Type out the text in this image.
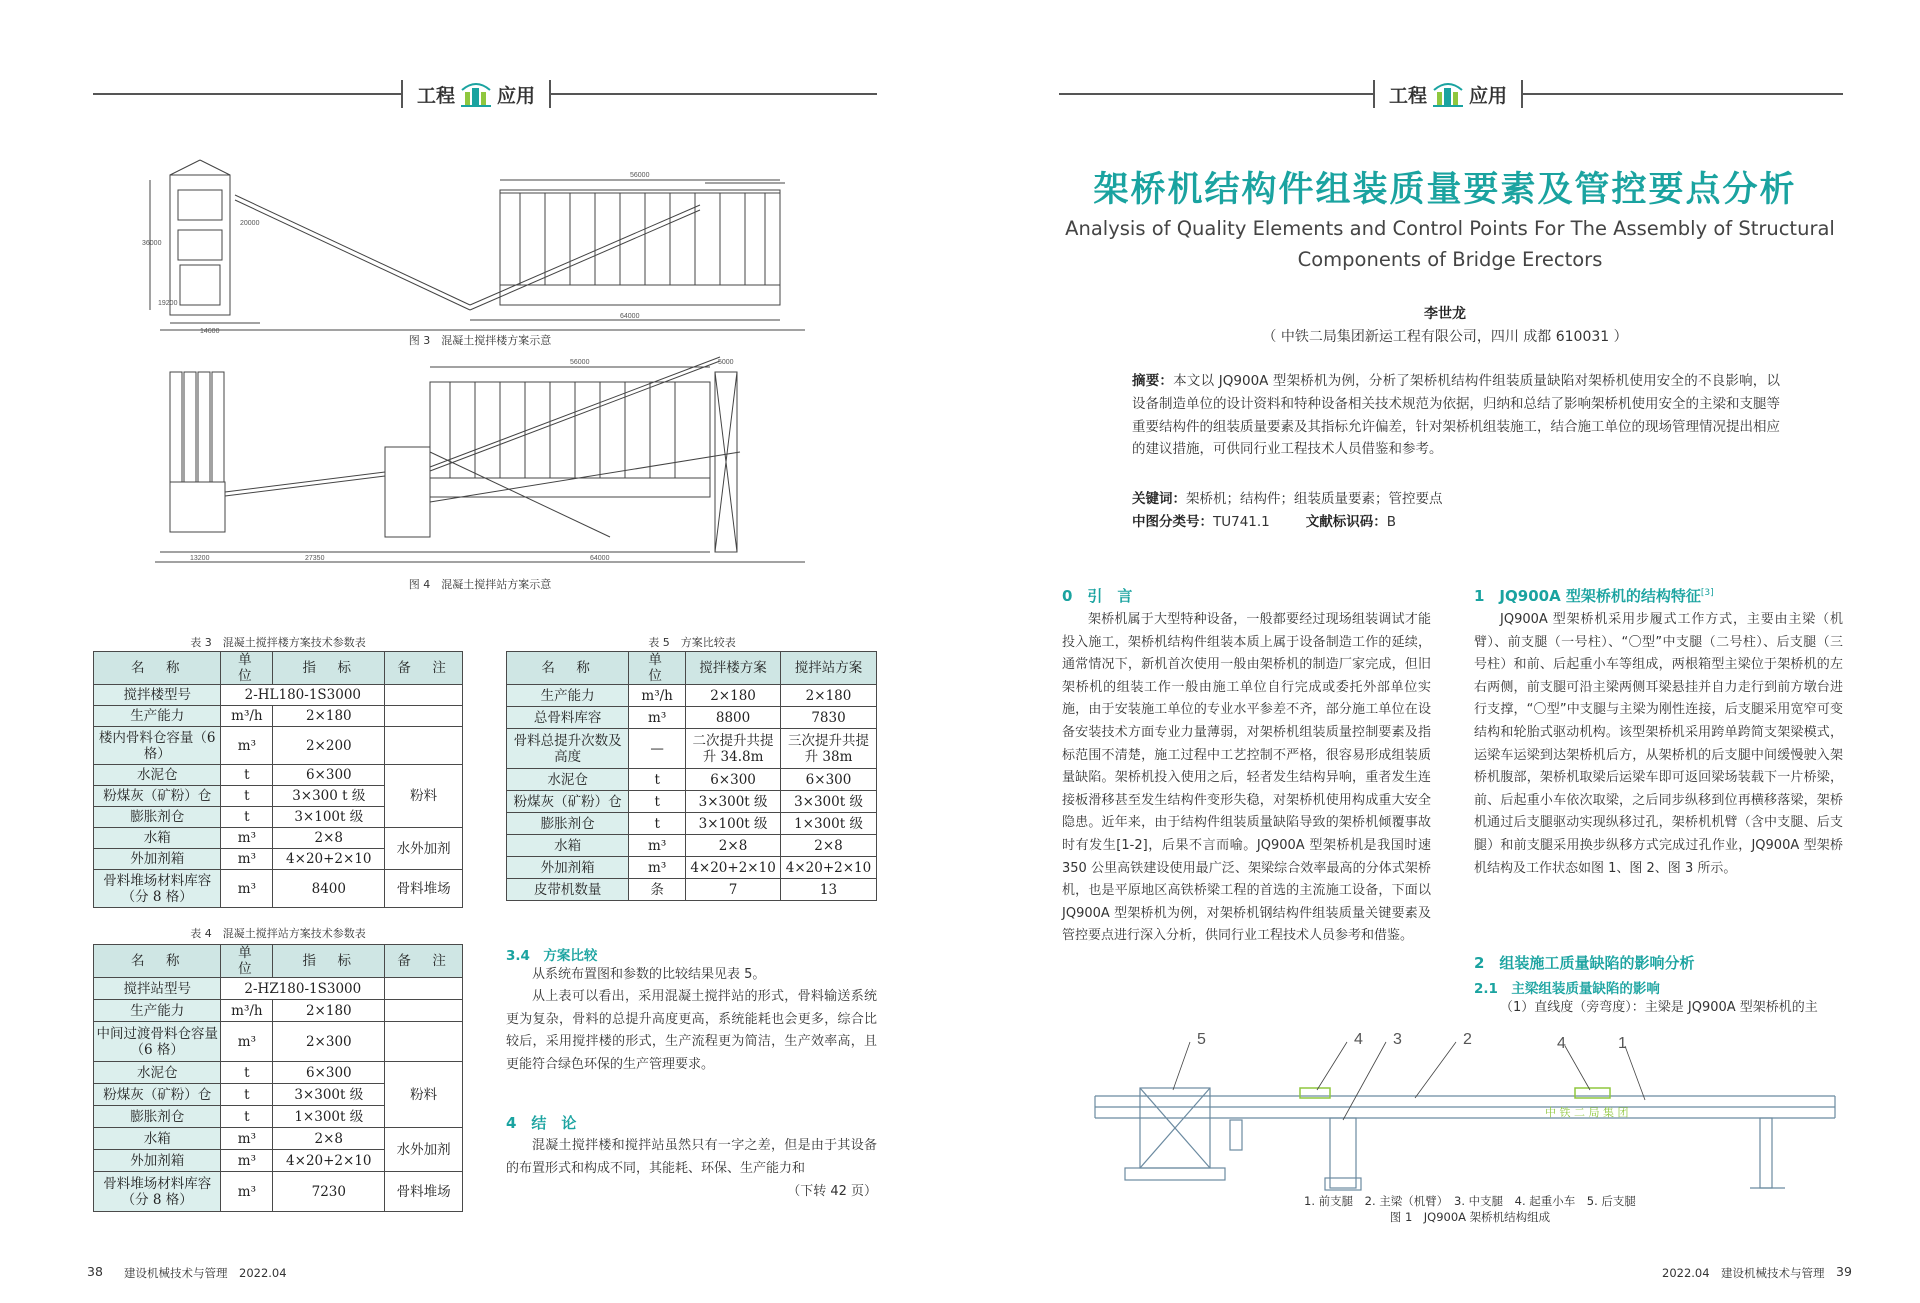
工程 应用	工程 应用
56000
64000
14600
36000
20000
19200
图 3　混凝土搅拌楼方案示意
56000	5000
64000
13200	27350
图 4　混凝土搅拌站方案示意
表 3　混凝土搅拌楼方案技术参数表
名　称	单　位	指　标	备　注
搅拌楼型号	2-HL180-1S3000		
生产能力	m³/h	2×180	
楼内骨料仓容量（6 格）	m³	2×200	
水泥仓	t	6×300	粉料
粉煤灰（矿粉）仓	t	3×300 t 级	
膨胀剂仓	t	3×100t 级	
水箱	m³	2×8	水外加剂
外加剂箱	m³	4×20+2×10	
骨料堆场材料库容（分 8 格）	m³	8400	骨料堆场
表 4　混凝土搅拌站方案技术参数表
名　称	单　位	指　标	备　注
搅拌站型号	2-HZ180-1S3000		
生产能力	m³/h	2×180	
中间过渡骨料仓容量（6 格）	m³	2×300	
水泥仓	t	6×300	粉料
粉煤灰（矿粉）仓	t	3×300t 级	
膨胀剂仓	t	1×300t 级	
水箱	m³	2×8	水外加剂
外加剂箱	m³	4×20+2×10	
骨料堆场材料库容（分 8 格）	m³	7230	骨料堆场
表 5　方案比较表
名　称	单　位	搅拌楼方案	搅拌站方案
生产能力	m³/h	2×180	2×180
总骨料库容	m³	8800	7830
骨料总提升次数及高度	—	二次提升共提升 34.8m	三次提升共提升 38m
水泥仓	t	6×300	6×300
粉煤灰（矿粉）仓	t	3×300t 级	3×300t 级
膨胀剂仓	t	3×100t 级	1×300t 级
水箱	m³	2×8	2×8
外加剂箱	m³	4×20+2×10	4×20+2×10
皮带机数量	条	7	13
3.4　方案比较
从系统布置图和参数的比较结果见表 5。
从上表可以看出，采用混凝土搅拌站的形式，骨料输送系统更为复杂，骨料的总提升高度更高，系统能耗也会更多，综合比较后，采用搅拌楼的形式，生产流程更为简洁，生产效率高，且更能符合绿色环保的生产管理要求。
4　结　论
混凝土搅拌楼和搅拌站虽然只有一字之差，但是由于其设备的布置形式和构成不同，其能耗、环保、生产能力和
（下转 42 页）
38 建设机械技术与管理　2022.04
架桥机结构件组装质量要素及管控要点分析
Analysis of Quality Elements and Control Points For The Assembly of Structural Components of Bridge Erectors
李世龙
（ 中铁二局集团新运工程有限公司，四川 成都 610031 ）
摘要：本文以 JQ900A 型架桥机为例，分析了架桥机结构件组装质量缺陷对架桥机使用安全的不良影响，以设备制造单位的设计资料和特种设备相关技术规范为依据，归纳和总结了影响架桥机使用安全的主梁和支腿等重要结构件的组装质量要素及其指标允许偏差，针对架桥机组装施工，结合施工单位的现场管理情况提出相应的建议措施，可供同行业工程技术人员借鉴和参考。
关键词：架桥机；结构件；组装质量要素；管控要点
中图分类号：TU741.1	文献标识码：B
0　引　言
架桥机属于大型特种设备，一般都要经过现场组装调试才能投入施工，架桥机结构件组装本质上属于设备制造工作的延续，通常情况下，新机首次使用一般由架桥机的制造厂家完成，但旧架桥机的组装工作一般由施工单位自行完成或委托外部单位实施，由于安装施工单位的专业水平参差不齐，部分施工单位在设备安装技术方面专业力量薄弱，对架桥机组装质量控制要素及指标范围不清楚，施工过程中工艺控制不严格，很容易形成组装质量缺陷。架桥机投入使用之后，轻者发生结构异响，重者发生连接板滑移甚至发生结构件变形失稳，对架桥机使用构成重大安全隐患。近年来，由于结构件组装质量缺陷导致的架桥机倾覆事故时有发生[1-2]，后果不言而喻。JQ900A 型架桥机是我国时速 350 公里高铁建设使用最广泛、架梁综合效率最高的分体式架桥机，也是平原地区高铁桥梁工程的首选的主流施工设备，下面以 JQ900A 型架桥机为例，对架桥机钢结构件组装质量关键要素及管控要点进行深入分析，供同行业工程技术人员参考和借鉴。
1　JQ900A 型架桥机的结构特征[3]
JQ900A 型架桥机采用步履式工作方式，主要由主梁（机臂）、前支腿（一号柱）、“〇型”中支腿（二号柱）、后支腿（三号柱）和前、后起重小车等组成，两根箱型主梁位于架桥机的左右两侧，前支腿可沿主梁两侧耳梁悬挂并自力走行到前方墩台进行支撑，“〇型”中支腿与主梁为刚性连接，后支腿采用宽窄可变结构和轮胎式驱动机构。该型架桥机采用跨单跨简支架梁模式，运梁车运梁到达架桥机后方，从架桥机的后支腿中间缓慢驶入架桥机腹部，架桥机取梁后运梁车即可返回梁场装载下一片桥梁，前、后起重小车依次取梁，之后同步纵移到位再横移落梁，架桥机通过后支腿驱动实现纵移过孔，架桥机机臂（含中支腿、后支腿）和前支腿采用换步纵移方式完成过孔作业，JQ900A 型架桥机结构及工作状态如图 1、图 2、图 3 所示。
2　组装施工质量缺陷的影响分析
2.1　主梁组装质量缺陷的影响
（1）直线度（旁弯度）：主梁是 JQ900A 型架桥机的主
5	4 3	2	4	1
中 铁 二 局 集 团
1. 前支腿　2. 主梁（机臂）　3. 中支腿　4. 起重小车　5. 后支腿
图 1　JQ900A 架桥机结构组成
2022.04　建设机械技术与管理 39
